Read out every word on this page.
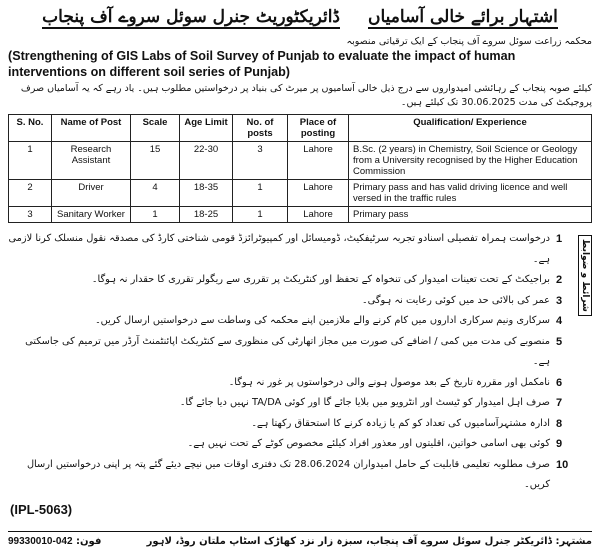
اشتہار برائے خالی آسامیاں
ڈائریکٹوریٹ جنرل سوئل سروے آف پنجاب
محکمہ زراعت سوئل سروے آف پنجاب کے ایک ترقیاتی منصوبہ
(Strengthening of GIS Labs of Soil Survey of Punjab to evaluate the impact of human interventions on different soil series of Punjab)
کیلئے صوبہ پنجاب کے رہائشی امیدواروں سے درج ذیل خالی آسامیوں پر میرٹ کی بنیاد پر درخواستیں مطلوب ہیں۔ یاد رہے کہ یہ آسامیاں صرف پروجیکٹ کی مدت 30.06.2025 تک کیلئے ہیں۔
S. No.	Name of Post	Scale	Age Limit	No. of posts	Place of posting	Qualification/ Experience
1	Research Assistant	15	22-30	3	Lahore	B.Sc. (2 years) in Chemistry, Soil Science or Geology from a University recognised by the Higher Education Commission
2	Driver	4	18-35	1	Lahore	Primary pass and has valid driving licence and well versed in the traffic rules
3	Sanitary Worker	1	18-25	1	Lahore	Primary pass
شرائط و ضوابط
1
درخواست ہمراہ تفصیلی اسنادو تجربہ سرٹیفکیٹ، ڈومیسائل اور کمپیوٹرائزڈ قومی شناختی کارڈ کی مصدقہ نقول منسلک کرنا لازمی ہے۔
2
براجیکٹ کے تحت تعینات امیدوار کی تنخواہ کے تحفظ اور کنٹریکٹ پر تقرری سے ریگولر تقرری کا حقدار نہ ہوگا۔
3
عمر کی بالائی حد میں کوئی رعایت نہ ہوگی۔
4
سرکاری ونیم سرکاری اداروں میں کام کرنے والے ملازمین اپنے محکمہ کی وساطت سے درخواستیں ارسال کریں۔
5
منصوبے کی مدت میں کمی / اضافے کی صورت میں مجاز اتھارٹی کی منظوری سے کنٹریکٹ اپائنٹمنٹ آرڈر میں ترمیم کی جاسکتی ہے۔
6
نامکمل اور مقررہ تاریخ کے بعد موصول ہونے والی درخواستوں پر غور نہ ہوگا۔
7
صرف اہل امیدوار کو ٹیسٹ اور انٹرویو میں بلایا جائے گا اور کوئی TA/DA نہیں دیا جائے گا۔
8
ادارہ مشتہرآسامیوں کی تعداد کو کم یا زیادہ کرنے کا استحقاق رکھتا ہے۔
9
کوئی بھی اسامی خواتین، اقلیتوں اور معذور افراد کیلئے مخصوص کوٹے کے تحت نہیں ہے۔
10
صرف مطلوبہ تعلیمی قابلیت کے حامل امیدواران 28.06.2024 تک دفتری اوقات میں نیچے دیئے گئے پتہ پر اپنی درخواستیں ارسال کریں۔
(IPL-5063)
مشتہر: ڈائریکٹر جنرل سوئل سروے آف پنجاب، سبزہ زار نزد کھاڑک اسٹاپ ملتان روڈ، لاہور
فون: 042-99330010
